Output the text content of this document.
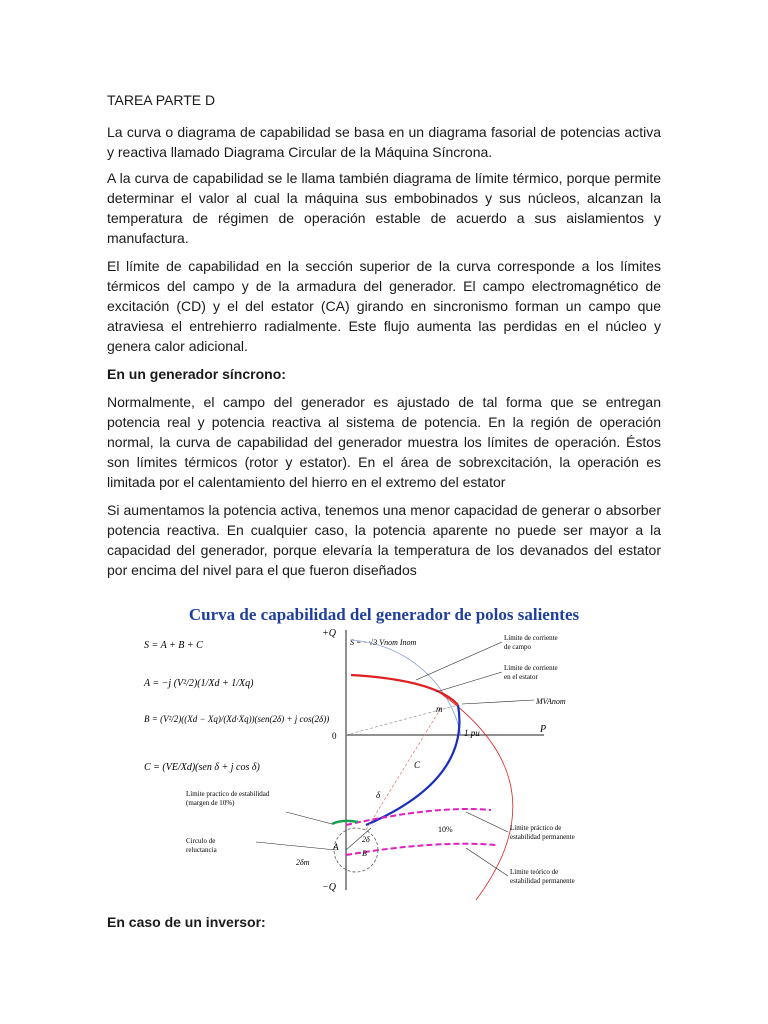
TAREA PARTE D

La curva o diagrama de capabilidad se basa en un diagrama fasorial de potencias activa y reactiva llamado Diagrama Circular de la Máquina Síncrona.

A la curva de capabilidad se le llama también diagrama de límite térmico, porque permite determinar el valor al cual la máquina sus embobinados y sus núcleos, alcanzan la temperatura de régimen de operación estable de acuerdo a sus aislamientos y manufactura.

El límite de capabilidad en la sección superior de la curva corresponde a los límites térmicos del campo y de la armadura del generador. El campo electromagnético de excitación (CD) y el del estator (CA) girando en sincronismo forman un campo que atraviesa el entrehierro radialmente. Este flujo aumenta las perdidas en el núcleo y genera calor adicional.

En un generador síncrono:

Normalmente, el campo del generador es ajustado de tal forma que se entregan potencia real y potencia reactiva al sistema de potencia. En la región de operación normal, la curva de capabilidad del generador muestra los límites de operación. Éstos son límites térmicos (rotor y estator). En el área de sobrexcitación, la operación es limitada por el calentamiento del hierro en el extremo del estator

Si aumentamos la potencia activa, tenemos una menor capacidad de generar o absorber potencia reactiva. En cualquier caso, la potencia aparente no puede ser mayor a la capacidad del generador, porque elevaría la temperatura de los devanados del estator por encima del nivel para el que fueron diseñados

Curva de capabilidad del generador de polos salientes
S = A + B + C
A = −j (V²/2)(1/Xd + 1/Xq)
B = (V²/2)((Xd − Xq)/(Xd·Xq))(sen(2δ) + j cos(2δ))
C = (VE/Xd)(sen δ + j cos δ)
+Q
−Q
P
0
S = −√3 Vnom Inom
m
1 pu
C
δ
2δ
2δm
A
B
10%
Límite de corriente de campo
Límite de corriente en el estator
MVAnom
Límite practico de estabilidad (margen de 10%)
Circulo de reluctancia
Límite práctico de estabilidad permanente
Límite teórico de estabilidad permanente
En caso de un inversor:
